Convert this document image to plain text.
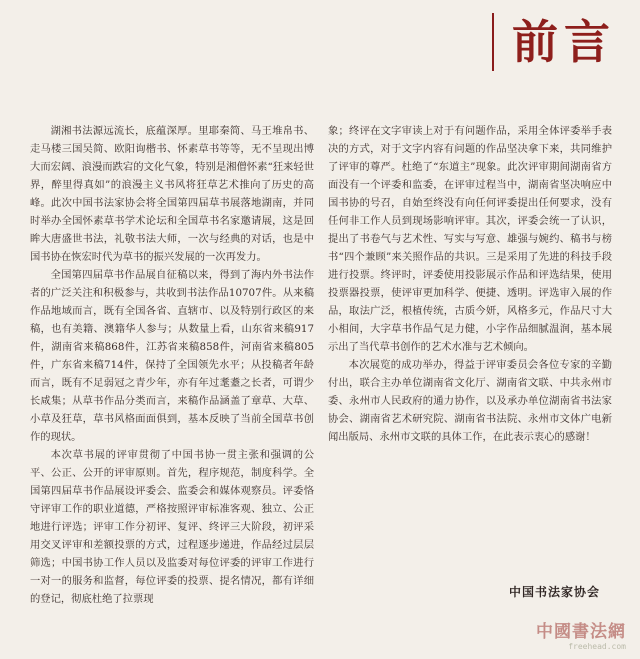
前言

湖湘书法源远流长，底蕴深厚。里耶秦简、马王堆帛书、走马楼三国吴简、欧阳询楷书、怀素草书等等，无不呈现出博大而宏阔、浪漫而跌宕的文化气象，特别是湘僧怀素“狂来轻世界，醉里得真如”的浪漫主义书风将狂草艺术推向了历史的高峰。此次中国书法家协会将全国第四届草书展落地湖南，并同时举办全国怀素草书学术论坛和全国草书名家邀请展，这是回眸大唐盛世书法，礼敬书法大师，一次与经典的对话，也是中国书协在恢宏时代为草书的振兴发展的一次再发力。

全国第四届草书作品展自征稿以来，得到了海内外书法作者的广泛关注和积极参与，共收到书法作品10707件。从来稿作品地域而言，既有全国各省、直辖市、以及特别行政区的来稿，也有美籍、澳籍华人参与；从数量上看，山东省来稿917件，湖南省来稿868件，江苏省来稿858件，河南省来稿805件，广东省来稿714件，保持了全国领先水平；从投稿者年龄而言，既有不足弱冠之青少年，亦有年过耄耋之长者，可谓少长咸集；从草书作品分类而言，来稿作品涵盖了章草、大草、小草及狂草，草书风格面面俱到，基本反映了当前全国草书创作的现状。

本次草书展的评审贯彻了中国书协一贯主张和强调的公平、公正、公开的评审原则。首先，程序规范，制度科学。全国第四届草书作品展设评委会、监委会和媒体观察员。评委恪守评审工作的职业道德，严格按照评审标准客观、独立、公正地进行评选；评审工作分初评、复评、终评三大阶段，初评采用交叉评审和差额投票的方式，过程逐步递进，作品经过层层筛选；中国书协工作人员以及监委对每位评委的评审工作进行一对一的服务和监督，每位评委的投票、提名情况，都有详细的登记，彻底杜绝了拉票现

象；终评在文字审读上对于有问题作品，采用全体评委举手表决的方式，对于文字内容有问题的作品坚决拿下来，共同维护了评审的尊严。杜绝了“东道主”现象。此次评审期间湖南省方面没有一个评委和监委，在评审过程当中，湖南省坚决响应中国书协的号召，自始至终没有向任何评委提出任何要求，没有任何非工作人员到现场影响评审。其次，评委会统一了认识，提出了书卷气与艺术性、写实与写意、雄强与婉约、稿书与榜书“四个兼顾”来关照作品的共识。三是采用了先进的科技手段进行投票。终评时，评委使用投影展示作品和评选结果，使用投票器投票，使评审更加科学、便捷、透明。评选审入展的作品，取法广泛，根植传统，古质今妍，风格多元，作品尺寸大小相间，大字草书作品气足力健，小字作品细腻温润，基本展示出了当代草书创作的艺术水准与艺术倾向。

本次展览的成功举办，得益于评审委员会各位专家的辛勤付出，联合主办单位湖南省文化厅、湖南省文联、中共永州市委、永州市人民政府的通力协作，以及承办单位湖南省书法家协会、湖南省艺术研究院、湖南省书法院、永州市文体广电新闻出版局、永州市文联的具体工作，在此表示衷心的感谢！

中国书法家协会
中國書法網
freehead.com
